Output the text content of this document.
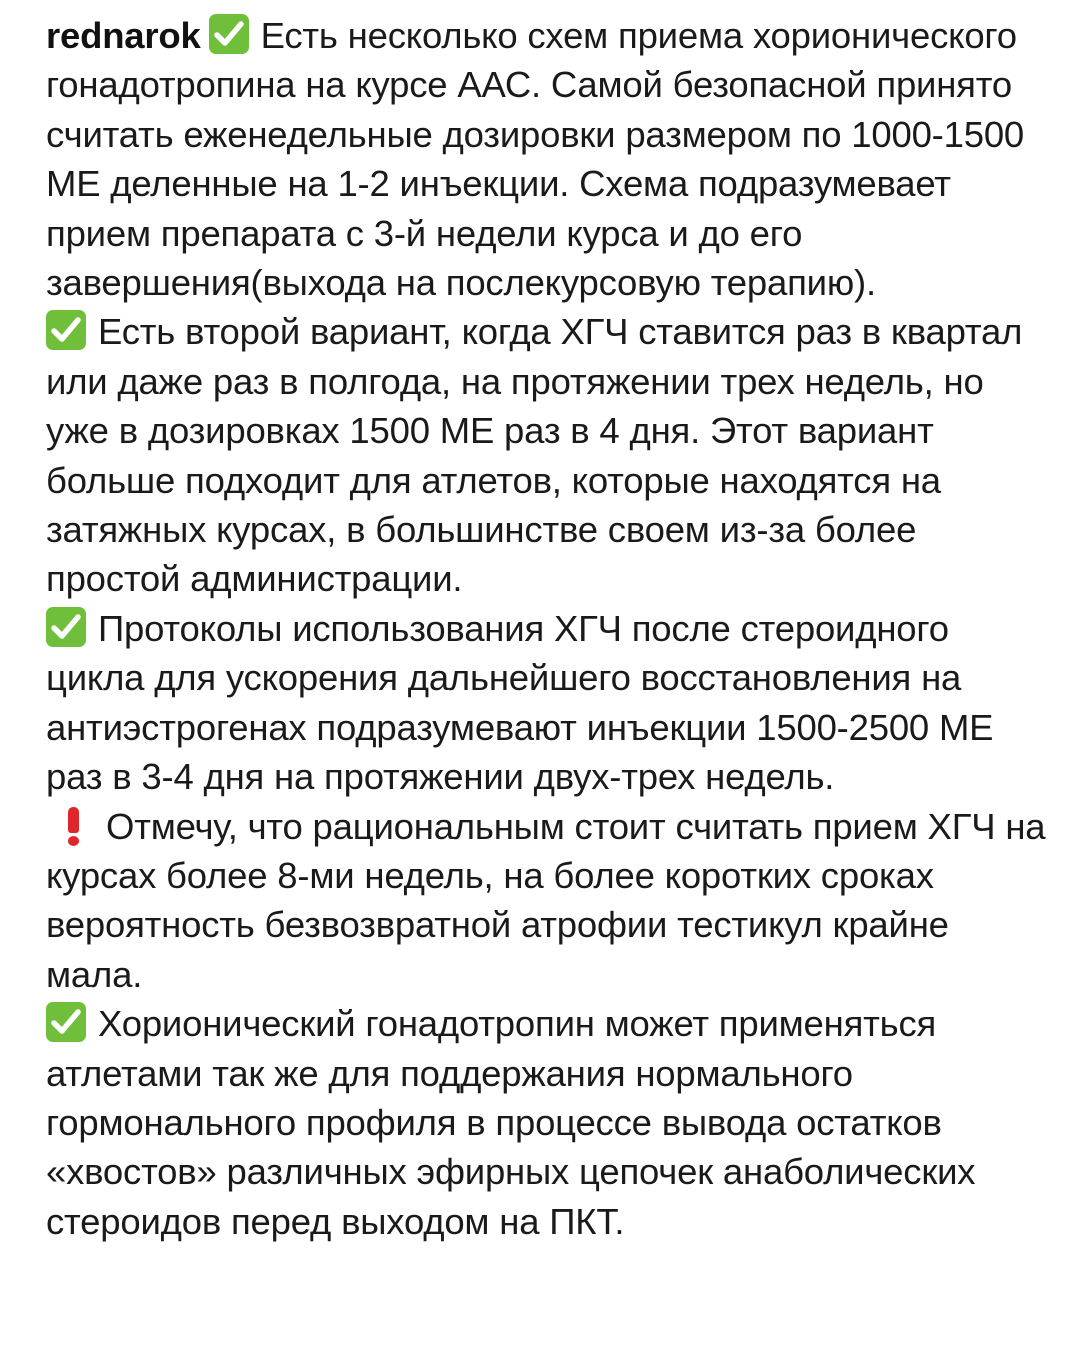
rednarok Есть несколько схем приема хорионического гонадотропина на курсе ААС. Самой безопасной принято считать еженедельные дозировки размером по 1000-1500 МЕ деленные на 1-2 инъекции. Схема подразумевает прием препарата с 3-й недели курса и до его завершения(выхода на послекурсовую терапию).

Есть второй вариант, когда ХГЧ ставится раз в квартал или даже раз в полгода, на протяжении трех недель, но уже в дозировках 1500 МЕ раз в 4 дня. Этот вариант больше подходит для атлетов, которые находятся на затяжных курсах, в большинстве своем из-за более простой администрации.

Протоколы использования ХГЧ после стероидного цикла для ускорения дальнейшего восстановления на антиэстрогенах подразумевают инъекции 1500-2500 МЕ раз в 3-4 дня на протяжении двух-трех недель.

Отмечу, что рациональным стоит считать прием ХГЧ на курсах более 8-ми недель, на более коротких сроках вероятность безвозвратной атрофии тестикул крайне мала.

Хорионический гонадотропин может применяться атлетами так же для поддержания нормального гормонального профиля в процессе вывода остатков «хвостов» различных эфирных цепочек анаболических стероидов перед выходом на ПКТ.
